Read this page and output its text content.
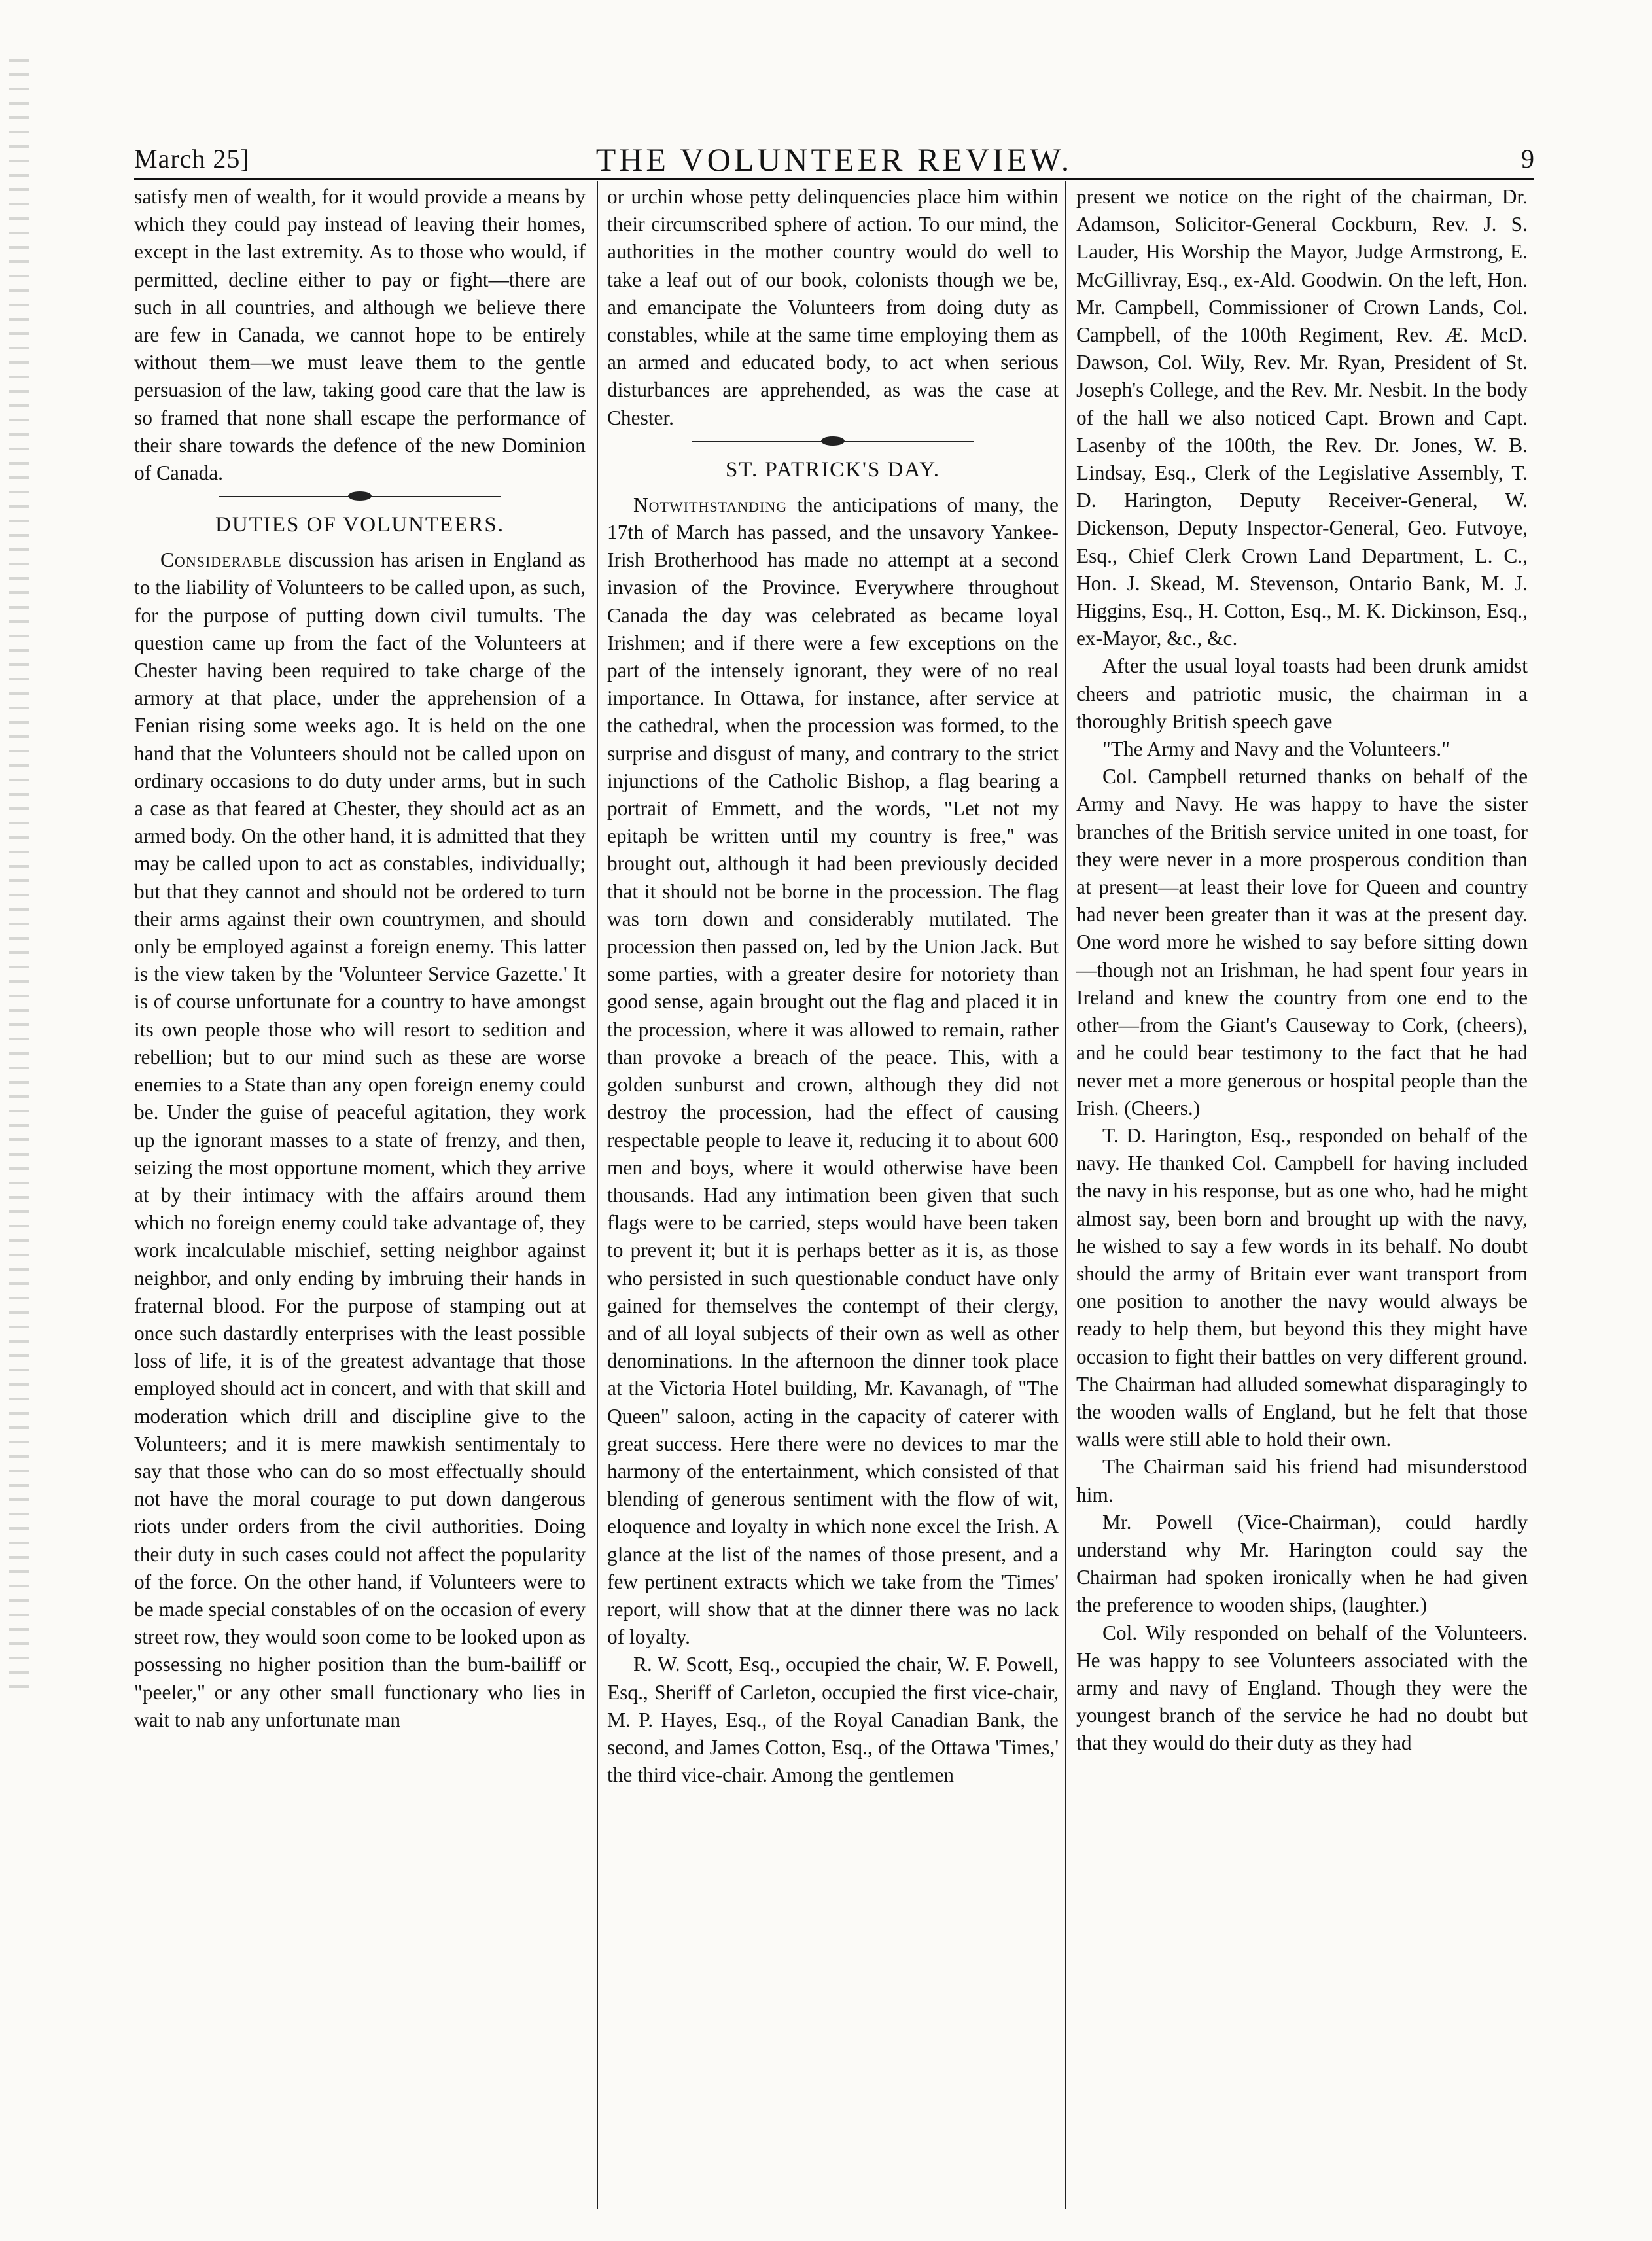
March 25]	THE VOLUNTEER REVIEW.	9

satisfy men of wealth, for it would provide a means by which they could pay instead of leaving their homes, except in the last extremity. As to those who would, if permitted, decline either to pay or fight—there are such in all countries, and although we believe there are few in Canada, we cannot hope to be entirely without them—we must leave them to the gentle persuasion of the law, taking good care that the law is so framed that none shall escape the performance of their share towards the defence of the new Dominion of Canada.

DUTIES OF VOLUNTEERS.

Considerable discussion has arisen in England as to the liability of Volunteers to be called upon, as such, for the purpose of putting down civil tumults. The question came up from the fact of the Volunteers at Chester having been required to take charge of the armory at that place, under the apprehension of a Fenian rising some weeks ago. It is held on the one hand that the Volunteers should not be called upon on ordinary occasions to do duty under arms, but in such a case as that feared at Chester, they should act as an armed body. On the other hand, it is admitted that they may be called upon to act as constables, individually; but that they cannot and should not be ordered to turn their arms against their own countrymen, and should only be employed against a foreign enemy. This latter is the view taken by the 'Volunteer Service Gazette.' It is of course unfortunate for a country to have amongst its own people those who will resort to sedition and rebellion; but to our mind such as these are worse enemies to a State than any open foreign enemy could be. Under the guise of peaceful agitation, they work up the ignorant masses to a state of frenzy, and then, seizing the most opportune moment, which they arrive at by their intimacy with the affairs around them which no foreign enemy could take advantage of, they work incalculable mischief, setting neighbor against neighbor, and only ending by imbruing their hands in fraternal blood. For the purpose of stamping out at once such dastardly enterprises with the least possible loss of life, it is of the greatest advantage that those employed should act in concert, and with that skill and moderation which drill and discipline give to the Volunteers; and it is mere mawkish sentimentaly to say that those who can do so most effectually should not have the moral courage to put down dangerous riots under orders from the civil authorities. Doing their duty in such cases could not affect the popularity of the force. On the other hand, if Volunteers were to be made special constables of on the occasion of every street row, they would soon come to be looked upon as possessing no higher position than the bum-bailiff or "peeler," or any other small functionary who lies in wait to nab any unfortunate man

or urchin whose petty delinquencies place him within their circumscribed sphere of action. To our mind, the authorities in the mother country would do well to take a leaf out of our book, colonists though we be, and emancipate the Volunteers from doing duty as constables, while at the same time employing them as an armed and educated body, to act when serious disturbances are apprehended, as was the case at Chester.

ST. PATRICK'S DAY.

Notwithstanding the anticipations of many, the 17th of March has passed, and the unsavory Yankee-Irish Brotherhood has made no attempt at a second invasion of the Province. Everywhere throughout Canada the day was celebrated as became loyal Irishmen; and if there were a few exceptions on the part of the intensely ignorant, they were of no real importance. In Ottawa, for instance, after service at the cathedral, when the procession was formed, to the surprise and disgust of many, and contrary to the strict injunctions of the Catholic Bishop, a flag bearing a portrait of Emmett, and the words, "Let not my epitaph be written until my country is free," was brought out, although it had been previously decided that it should not be borne in the procession. The flag was torn down and considerably mutilated. The procession then passed on, led by the Union Jack. But some parties, with a greater desire for notoriety than good sense, again brought out the flag and placed it in the procession, where it was allowed to remain, rather than provoke a breach of the peace. This, with a golden sunburst and crown, although they did not destroy the procession, had the effect of causing respectable people to leave it, reducing it to about 600 men and boys, where it would otherwise have been thousands. Had any intimation been given that such flags were to be carried, steps would have been taken to prevent it; but it is perhaps better as it is, as those who persisted in such questionable conduct have only gained for themselves the contempt of their clergy, and of all loyal subjects of their own as well as other denominations. In the afternoon the dinner took place at the Victoria Hotel building, Mr. Kavanagh, of "The Queen" saloon, acting in the capacity of caterer with great success. Here there were no devices to mar the harmony of the entertainment, which consisted of that blending of generous sentiment with the flow of wit, eloquence and loyalty in which none excel the Irish. A glance at the list of the names of those present, and a few pertinent extracts which we take from the 'Times' report, will show that at the dinner there was no lack of loyalty.

R. W. Scott, Esq., occupied the chair, W. F. Powell, Esq., Sheriff of Carleton, occupied the first vice-chair, M. P. Hayes, Esq., of the Royal Canadian Bank, the second, and James Cotton, Esq., of the Ottawa 'Times,' the third vice-chair. Among the gentlemen

present we notice on the right of the chairman, Dr. Adamson, Solicitor-General Cockburn, Rev. J. S. Lauder, His Worship the Mayor, Judge Armstrong, E. McGillivray, Esq., ex-Ald. Goodwin. On the left, Hon. Mr. Campbell, Commissioner of Crown Lands, Col. Campbell, of the 100th Regiment, Rev. Æ. McD. Dawson, Col. Wily, Rev. Mr. Ryan, President of St. Joseph's College, and the Rev. Mr. Nesbit. In the body of the hall we also noticed Capt. Brown and Capt. Lasenby of the 100th, the Rev. Dr. Jones, W. B. Lindsay, Esq., Clerk of the Legislative Assembly, T. D. Harington, Deputy Receiver-General, W. Dickenson, Deputy Inspector-General, Geo. Futvoye, Esq., Chief Clerk Crown Land Department, L. C., Hon. J. Skead, M. Stevenson, Ontario Bank, M. J. Higgins, Esq., H. Cotton, Esq., M. K. Dickinson, Esq., ex-Mayor, &c., &c.

After the usual loyal toasts had been drunk amidst cheers and patriotic music, the chairman in a thoroughly British speech gave

"The Army and Navy and the Volunteers."

Col. Campbell returned thanks on behalf of the Army and Navy. He was happy to have the sister branches of the British service united in one toast, for they were never in a more prosperous condition than at present—at least their love for Queen and country had never been greater than it was at the present day. One word more he wished to say before sitting down—though not an Irishman, he had spent four years in Ireland and knew the country from one end to the other—from the Giant's Causeway to Cork, (cheers), and he could bear testimony to the fact that he had never met a more generous or hospital people than the Irish. (Cheers.)

T. D. Harington, Esq., responded on behalf of the navy. He thanked Col. Campbell for having included the navy in his response, but as one who, had he might almost say, been born and brought up with the navy, he wished to say a few words in its behalf. No doubt should the army of Britain ever want transport from one position to another the navy would always be ready to help them, but beyond this they might have occasion to fight their battles on very different ground. The Chairman had alluded somewhat disparagingly to the wooden walls of England, but he felt that those walls were still able to hold their own.

The Chairman said his friend had misunderstood him.

Mr. Powell (Vice-Chairman), could hardly understand why Mr. Harington could say the Chairman had spoken ironically when he had given the preference to wooden ships, (laughter.)

Col. Wily responded on behalf of the Volunteers. He was happy to see Volunteers associated with the army and navy of England. Though they were the youngest branch of the service he had no doubt but that they would do their duty as they had
